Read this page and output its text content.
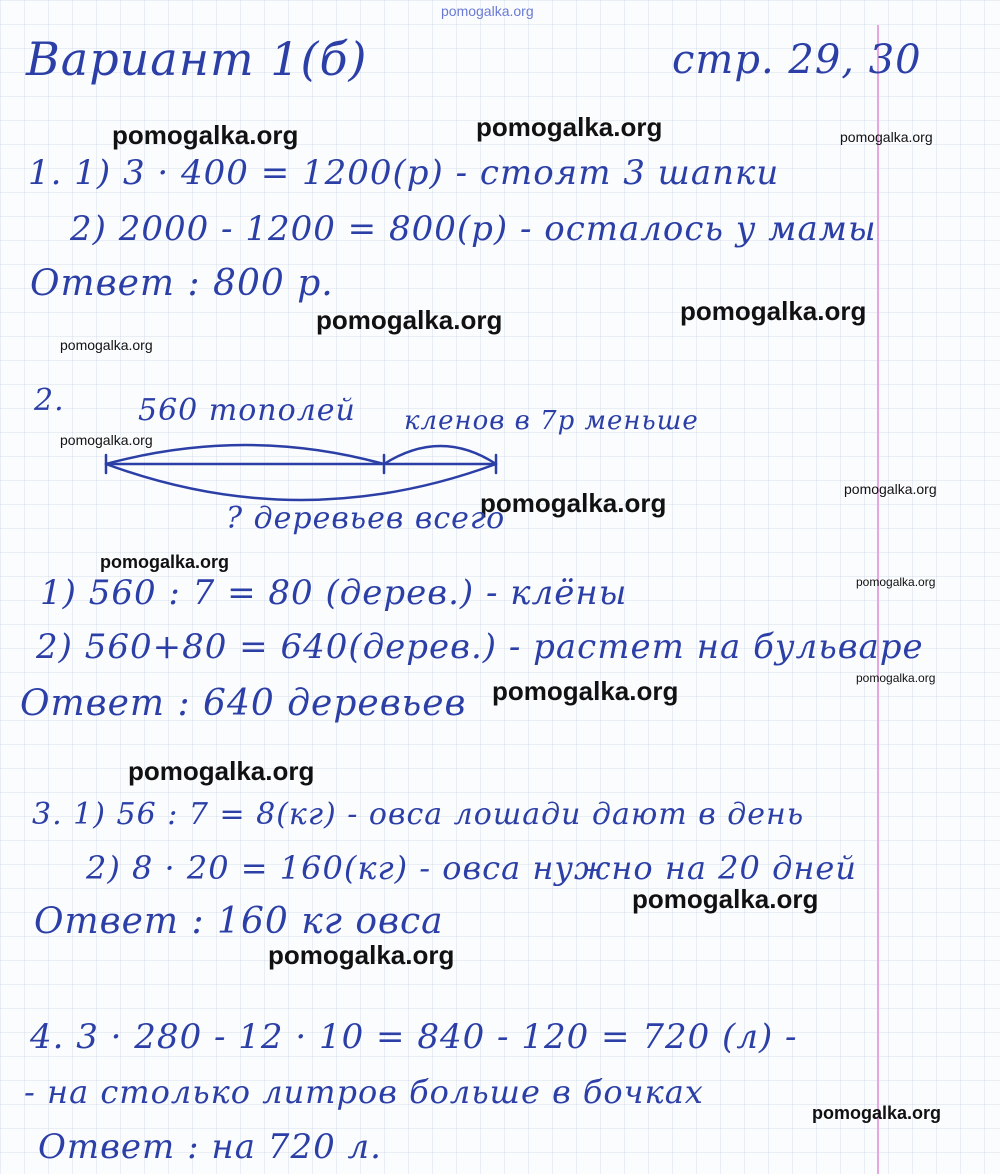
pomogalka.org
pomogalka.org	pomogalka.org	pomogalka.org
pomogalka.org	pomogalka.org
pomogalka.org
pomogalka.org
pomogalka.org
pomogalka.org
pomogalka.org
pomogalka.org
pomogalka.org
pomogalka.org
pomogalka.org
pomogalka.org
pomogalka.org
pomogalka.org

Вариант 1(б)	стр. 29, 30

1. 1) 3 · 400 = 1200(р) - стоят 3 шапки

2) 2000 - 1200 = 800(р) - осталось у мамы

Ответ : 800 р.

2. 560 тополей кленов в 7р меньше

? деревьев всего

1) 560 : 7 = 80 (дерев.) - клёны

2) 560+80 = 640(дерев.) - растет на бульваре

Ответ : 640 деревьев

3. 1) 56 : 7 = 8(кг) - овса лошади дают в день

2) 8 · 20 = 160(кг) - овса нужно на 20 дней

Ответ : 160 кг овса

4. 3 · 280 - 12 · 10 = 840 - 120 = 720 (л) -

- на столько литров больше в бочках

Ответ : на 720 л.
